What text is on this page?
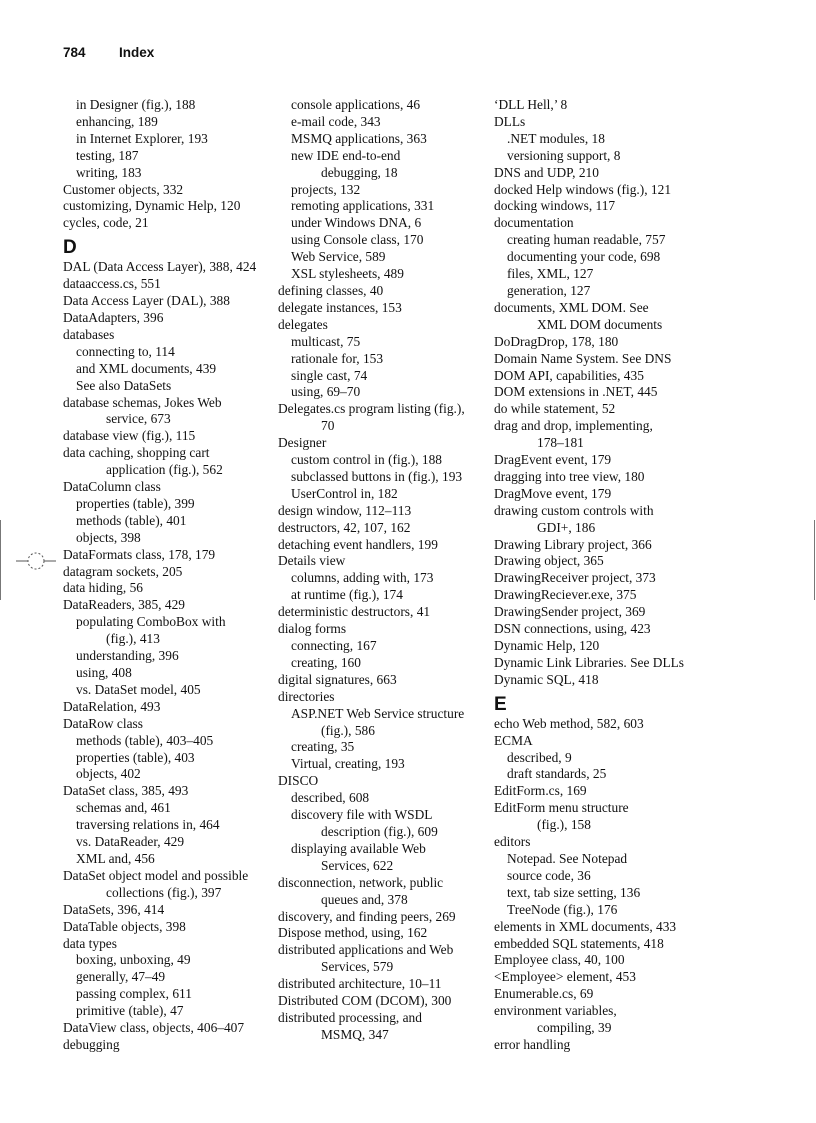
784 Index
in Designer (fig.), 188
enhancing, 189
in Internet Explorer, 193
testing, 187
writing, 183
Customer objects, 332
customizing, Dynamic Help, 120
cycles, code, 21
D
DAL (Data Access Layer), 388, 424
dataaccess.cs, 551
Data Access Layer (DAL), 388
DataAdapters, 396
databases
connecting to, 114
and XML documents, 439
See also DataSets
database schemas, Jokes Web
service, 673
database view (fig.), 115
data caching, shopping cart
application (fig.), 562
DataColumn class
properties (table), 399
methods (table), 401
objects, 398
DataFormats class, 178, 179
datagram sockets, 205
data hiding, 56
DataReaders, 385, 429
populating ComboBox with
(fig.), 413
understanding, 396
using, 408
vs. DataSet model, 405
DataRelation, 493
DataRow class
methods (table), 403–405
properties (table), 403
objects, 402
DataSet class, 385, 493
schemas and, 461
traversing relations in, 464
vs. DataReader, 429
XML and, 456
DataSet object model and possible
collections (fig.), 397
DataSets, 396, 414
DataTable objects, 398
data types
boxing, unboxing, 49
generally, 47–49
passing complex, 611
primitive (table), 47
DataView class, objects, 406–407
debugging
console applications, 46
e-mail code, 343
MSMQ applications, 363
new IDE end-to-end
debugging, 18
projects, 132
remoting applications, 331
under Windows DNA, 6
using Console class, 170
Web Service, 589
XSL stylesheets, 489
defining classes, 40
delegate instances, 153
delegates
multicast, 75
rationale for, 153
single cast, 74
using, 69–70
Delegates.cs program listing (fig.),
70
Designer
custom control in (fig.), 188
subclassed buttons in (fig.), 193
UserControl in, 182
design window, 112–113
destructors, 42, 107, 162
detaching event handlers, 199
Details view
columns, adding with, 173
at runtime (fig.), 174
deterministic destructors, 41
dialog forms
connecting, 167
creating, 160
digital signatures, 663
directories
ASP.NET Web Service structure
(fig.), 586
creating, 35
Virtual, creating, 193
DISCO
described, 608
discovery file with WSDL
description (fig.), 609
displaying available Web
Services, 622
disconnection, network, public
queues and, 378
discovery, and finding peers, 269
Dispose method, using, 162
distributed applications and Web
Services, 579
distributed architecture, 10–11
Distributed COM (DCOM), 300
distributed processing, and
MSMQ, 347
‘DLL Hell,’ 8
DLLs
.NET modules, 18
versioning support, 8
DNS and UDP, 210
docked Help windows (fig.), 121
docking windows, 117
documentation
creating human readable, 757
documenting your code, 698
files, XML, 127
generation, 127
documents, XML DOM. See
XML DOM documents
DoDragDrop, 178, 180
Domain Name System. See DNS
DOM API, capabilities, 435
DOM extensions in .NET, 445
do while statement, 52
drag and drop, implementing,
178–181
DragEvent event, 179
dragging into tree view, 180
DragMove event, 179
drawing custom controls with
GDI+, 186
Drawing Library project, 366
Drawing object, 365
DrawingReceiver project, 373
DrawingReciever.exe, 375
DrawingSender project, 369
DSN connections, using, 423
Dynamic Help, 120
Dynamic Link Libraries. See DLLs
Dynamic SQL, 418
E
echo Web method, 582, 603
ECMA
described, 9
draft standards, 25
EditForm.cs, 169
EditForm menu structure
(fig.), 158
editors
Notepad. See Notepad
source code, 36
text, tab size setting, 136
TreeNode (fig.), 176
elements in XML documents, 433
embedded SQL statements, 418
Employee class, 40, 100
<Employee> element, 453
Enumerable.cs, 69
environment variables,
compiling, 39
error handling
